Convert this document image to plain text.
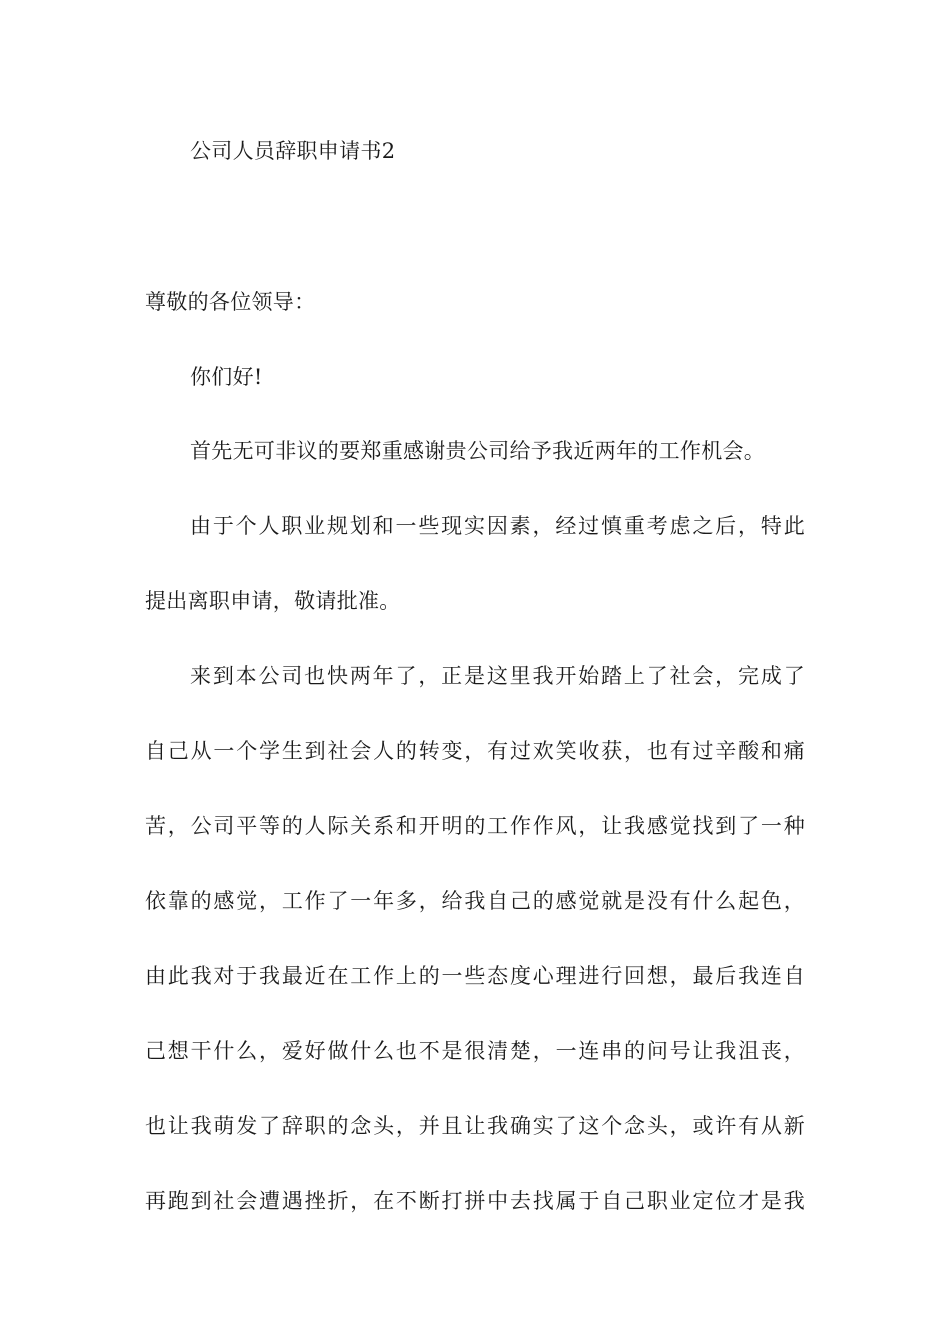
公司人员辞职申请书2
尊敬的各位领导：
你们好!
首先无可非议的要郑重感谢贵公司给予我近两年的工作机会。
由于个人职业规划和一些现实因素，经过慎重考虑之后，特此
提出离职申请，敬请批准。
来到本公司也快两年了，正是这里我开始踏上了社会，完成了
自己从一个学生到社会人的转变，有过欢笑收获，也有过辛酸和痛
苦，公司平等的人际关系和开明的工作作风，让我感觉找到了一种
依靠的感觉，工作了一年多，给我自己的感觉就是没有什么起色，
由此我对于我最近在工作上的一些态度心理进行回想，最后我连自
己想干什么，爱好做什么也不是很清楚，一连串的问号让我沮丧，
也让我萌发了辞职的念头，并且让我确实了这个念头，或许有从新
再跑到社会遭遇挫折，在不断打拼中去找属于自己职业定位才是我
